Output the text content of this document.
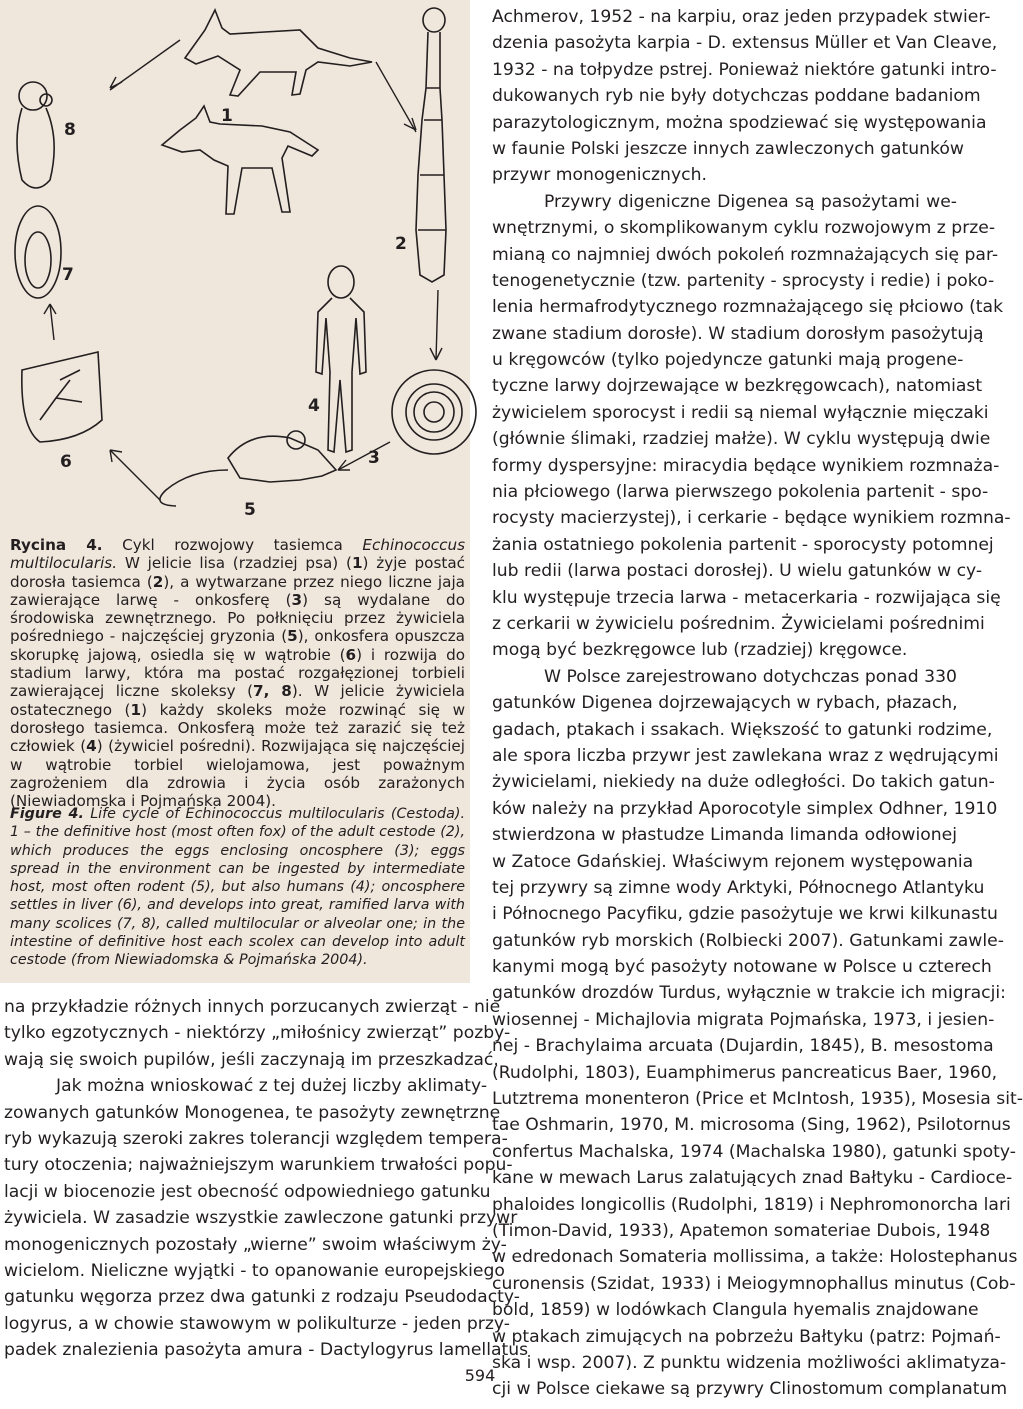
1
2
3
4
5
6
7
8
Rycina 4. Cykl rozwojowy tasiemca Echinococcus multilocularis. W jelicie lisa (rzadziej psa) (1) żyje postać dorosła tasiemca (2), a wytwarzane przez niego liczne jaja zawierające larwę - onkosferę (3) są wydalane do środowiska zewnętrznego. Po połknięciu przez żywiciela pośredniego - najczęściej gryzonia (5), onkosfera opuszcza skorupkę jajową, osiedla się w wątrobie (6) i rozwija do stadium larwy, która ma postać rozgałęzionej torbieli zawierającej liczne skoleksy (7, 8). W jelicie żywiciela ostatecznego (1) każdy skoleks może rozwinąć się w dorosłego tasiemca. Onkosferą może też zarazić się też człowiek (4) (żywiciel pośredni). Rozwijająca się najczęściej w wątrobie torbiel wielojamowa, jest poważnym zagrożeniem dla zdrowia i życia osób zarażonych (Niewiadomska i Pojmańska 2004).
Figure 4. Life cycle of Echinococcus multilocularis (Cestoda). 1 – the definitive host (most often fox) of the adult cestode (2), which produces the eggs enclosing oncosphere (3); eggs spread in the environment can be ingested by intermediate host, most often rodent (5), but also humans (4); oncosphere settles in liver (6), and develops into great, ramified larva with many scolices (7, 8), called multilocular or alveolar one; in the intestine of definitive host each scolex can develop into adult cestode (from Niewiadomska & Pojmańska 2004).
na przykładzie różnych innych porzucanych zwierząt - nie
tylko egzotycznych - niektórzy „miłośnicy zwierząt” pozby-
wają się swoich pupilów, jeśli zaczynają im przeszkadzać.
Jak można wnioskować z tej dużej liczby aklimaty-
zowanych gatunków Monogenea, te pasożyty zewnętrzne
ryb wykazują szeroki zakres tolerancji względem tempera-
tury otoczenia; najważniejszym warunkiem trwałości popu-
lacji w biocenozie jest obecność odpowiedniego gatunku
żywiciela. W zasadzie wszystkie zawleczone gatunki przywr
monogenicznych pozostały „wierne” swoim właściwym ży-
wicielom. Nieliczne wyjątki - to opanowanie europejskiego
gatunku węgorza przez dwa gatunki z rodzaju Pseudodacty-
logyrus, a w chowie stawowym w polikulturze - jeden przy-
padek znalezienia pasożyta amura - Dactylogyrus lamellatus
Achmerov, 1952 - na karpiu, oraz jeden przypadek stwier-
dzenia pasożyta karpia - D. extensus Müller et Van Cleave,
1932 - na tołpydze pstrej. Ponieważ niektóre gatunki intro-
dukowanych ryb nie były dotychczas poddane badaniom
parazytologicznym, można spodziewać się występowania
w faunie Polski jeszcze innych zawleczonych gatunków
przywr monogenicznych.
Przywry digeniczne Digenea są pasożytami we-
wnętrznymi, o skomplikowanym cyklu rozwojowym z prze-
mianą co najmniej dwóch pokoleń rozmnażających się par-
tenogenetycznie (tzw. partenity - sprocysty i redie) i poko-
lenia hermafrodytycznego rozmnażającego się płciowo (tak
zwane stadium dorosłe). W stadium dorosłym pasożytują
u kręgowców (tylko pojedyncze gatunki mają progene-
tyczne larwy dojrzewające w bezkręgowcach), natomiast
żywicielem sporocyst i redii są niemal wyłącznie mięczaki
(głównie ślimaki, rzadziej małże). W cyklu występują dwie
formy dyspersyjne: miracydia będące wynikiem rozmnaża-
nia płciowego (larwa pierwszego pokolenia partenit - spo-
rocysty macierzystej), i cerkarie - będące wynikiem rozmna-
żania ostatniego pokolenia partenit - sporocysty potomnej
lub redii (larwa postaci dorosłej). U wielu gatunków w cy-
klu występuje trzecia larwa - metacerkaria - rozwijająca się
z cerkarii w żywicielu pośrednim. Żywicielami pośrednimi
mogą być bezkręgowce lub (rzadziej) kręgowce.
W Polsce zarejestrowano dotychczas ponad 330
gatunków Digenea dojrzewających w rybach, płazach,
gadach, ptakach i ssakach. Większość to gatunki rodzime,
ale spora liczba przywr jest zawlekana wraz z wędrującymi
żywicielami, niekiedy na duże odległości. Do takich gatun-
ków należy na przykład Aporocotyle simplex Odhner, 1910
stwierdzona w płastudze Limanda limanda odłowionej
w Zatoce Gdańskiej. Właściwym rejonem występowania
tej przywry są zimne wody Arktyki, Północnego Atlantyku
i Północnego Pacyfiku, gdzie pasożytuje we krwi kilkunastu
gatunków ryb morskich (Rolbiecki 2007). Gatunkami zawle-
kanymi mogą być pasożyty notowane w Polsce u czterech
gatunków drozdów Turdus, wyłącznie w trakcie ich migracji:
wiosennej - Michajlovia migrata Pojmańska, 1973, i jesien-
nej - Brachylaima arcuata (Dujardin, 1845), B. mesostoma
(Rudolphi, 1803), Euamphimerus pancreaticus Baer, 1960,
Lutztrema monenteron (Price et McIntosh, 1935), Mosesia sit-
tae Oshmarin, 1970, M. microsoma (Sing, 1962), Psilotornus
confertus Machalska, 1974 (Machalska 1980), gatunki spoty-
kane w mewach Larus zalatujących znad Bałtyku - Cardioce-
phaloides longicollis (Rudolphi, 1819) i Nephromonorcha lari
(Timon-David, 1933), Apatemon somateriae Dubois, 1948
w edredonach Somateria mollissima, a także: Holostephanus
curonensis (Szidat, 1933) i Meiogymnophallus minutus (Cob-
bold, 1859) w lodówkach Clangula hyemalis znajdowane
w ptakach zimujących na pobrzeżu Bałtyku (patrz: Pojmań-
ska i wsp. 2007). Z punktu widzenia możliwości aklimatyza-
cji w Polsce ciekawe są przywry Clinostomum complanatum
594
